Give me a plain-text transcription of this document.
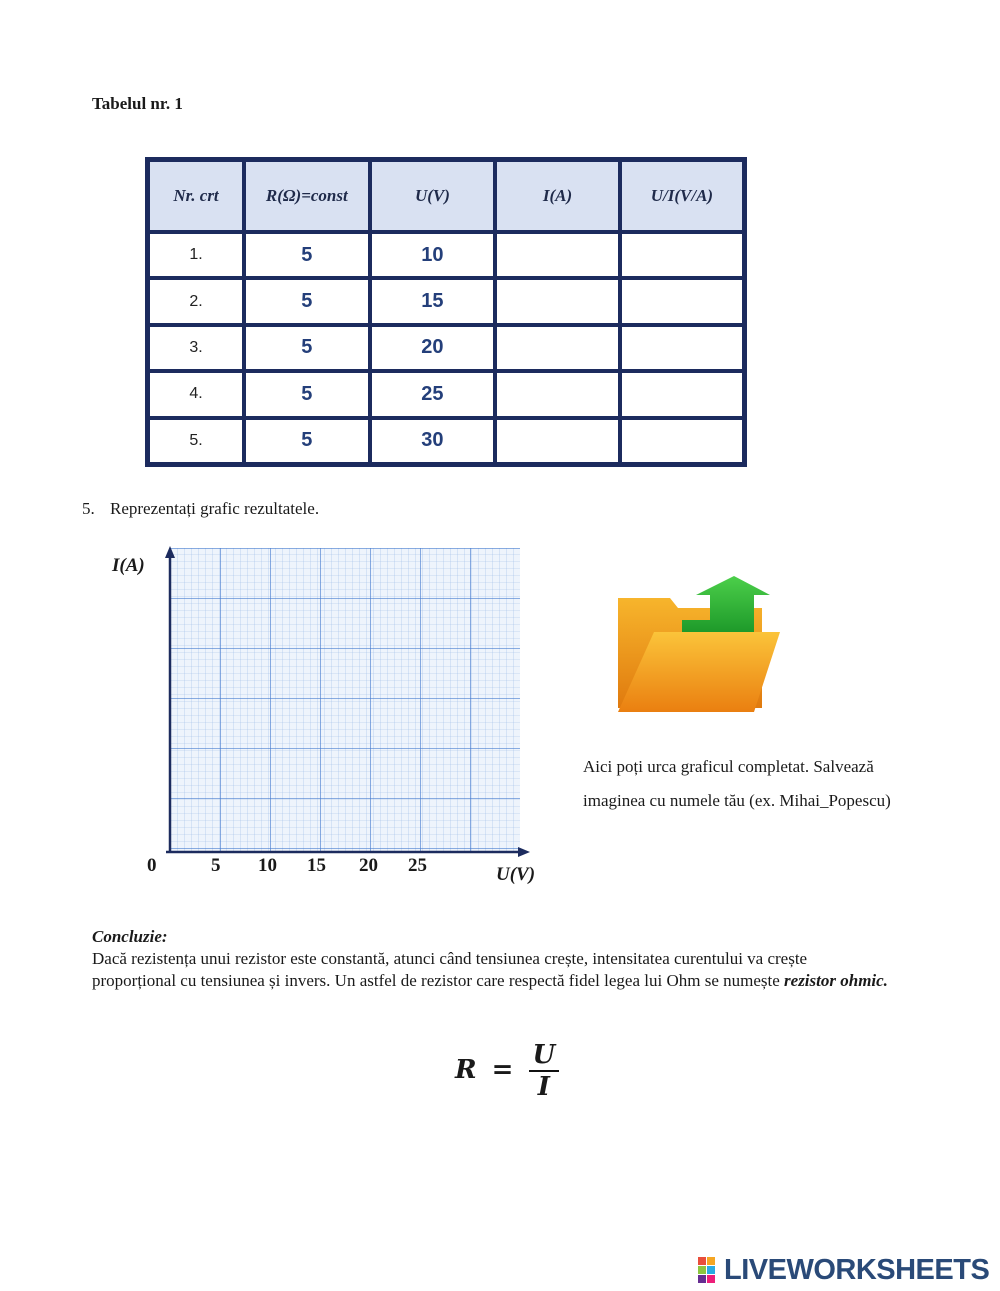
Tabelul nr. 1
Nr. crt	R(Ω)=const	U(V)	I(A)	U/I(V/A)
1.	5	10		
2.	5	15		
3.	5	20		
4.	5	25		
5.	5	30		
5. Reprezentați grafic rezultatele.
I(A)
U(V)
0	5 10 15 20 25
Aici poți urca graficul completat. Salvează
imaginea cu numele tău (ex. Mihai_Popescu)
Concluzie:
Dacă rezistența unui rezistor este constantă, atunci când tensiunea crește, intensitatea curentului va crește proporțional cu tensiunea și invers. Un astfel de rezistor care respectă fidel legea lui Ohm se numește rezistor ohmic.
$R = \frac{U}{I}$
LIVEWORKSHEETS
